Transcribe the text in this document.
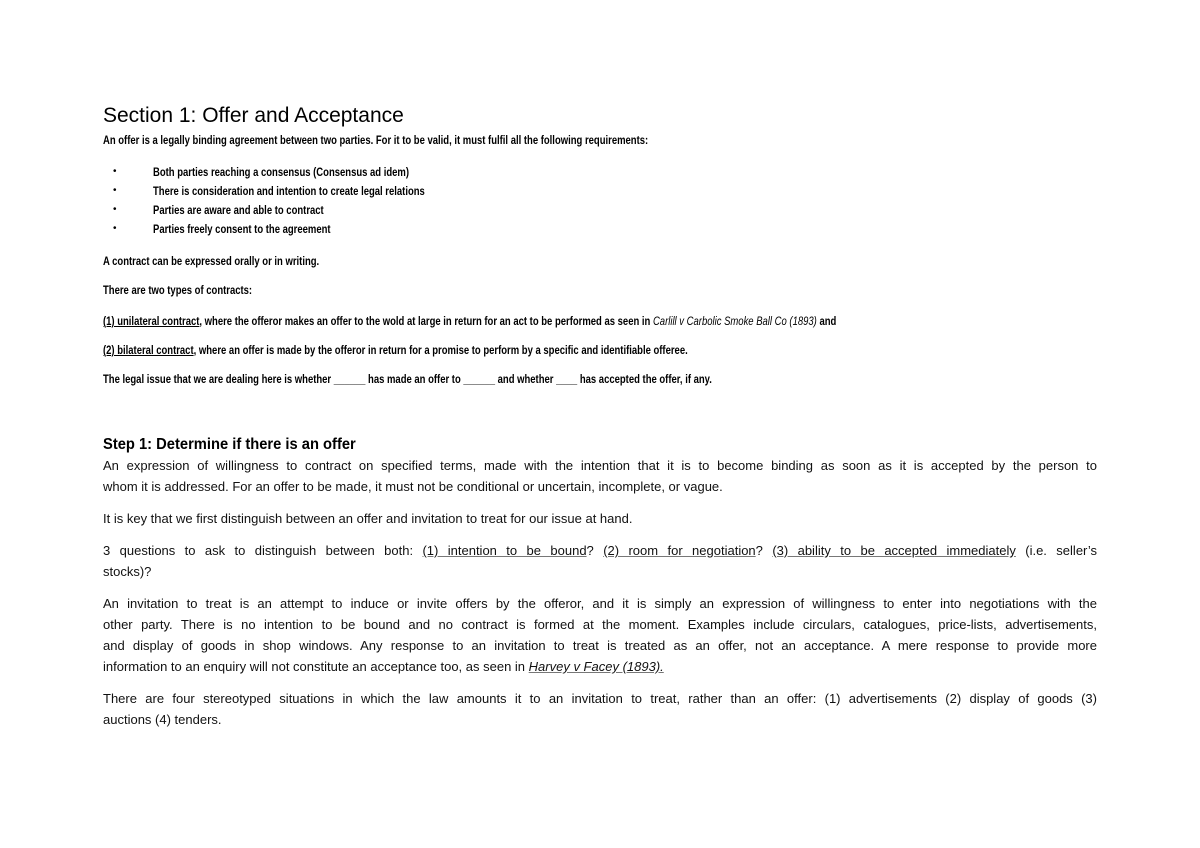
Section 1: Offer and Acceptance
An offer is a legally binding agreement between two parties. For it to be valid, it must fulfil all the following requirements:
•	Both parties reaching a consensus (Consensus ad idem)
•	There is consideration and intention to create legal relations
•	Parties are aware and able to contract
•	Parties freely consent to the agreement
A contract can be expressed orally or in writing.
There are two types of contracts:
(1) unilateral contract, where the offeror makes an offer to the wold at large in return for an act to be performed as seen in Carlill v Carbolic Smoke Ball Co (1893) and
(2) bilateral contract, where an offer is made by the offeror in return for a promise to perform by a specific and identifiable offeree.
The legal issue that we are dealing here is whether ______ has made an offer to ______ and whether ____ has accepted the offer, if any.
Step 1: Determine if there is an offer
An expression of willingness to contract on specified terms, made with the intention that it is to become binding as soon as it is accepted by the person to
whom it is addressed. For an offer to be made, it must not be conditional or uncertain, incomplete, or vague.
It is key that we first distinguish between an offer and invitation to treat for our issue at hand.
3 questions to ask to distinguish between both: (1) intention to be bound? (2) room for negotiation? (3) ability to be accepted immediately (i.e. seller’s
stocks)?
An invitation to treat is an attempt to induce or invite offers by the offeror, and it is simply an expression of willingness to enter into negotiations with the
other party. There is no intention to be bound and no contract is formed at the moment. Examples include circulars, catalogues, price-lists, advertisements,
and display of goods in shop windows. Any response to an invitation to treat is treated as an offer, not an acceptance. A mere response to provide more
information to an enquiry will not constitute an acceptance too, as seen in Harvey v Facey (1893).
There are four stereotyped situations in which the law amounts it to an invitation to treat, rather than an offer: (1) advertisements (2) display of goods (3)
auctions (4) tenders.
